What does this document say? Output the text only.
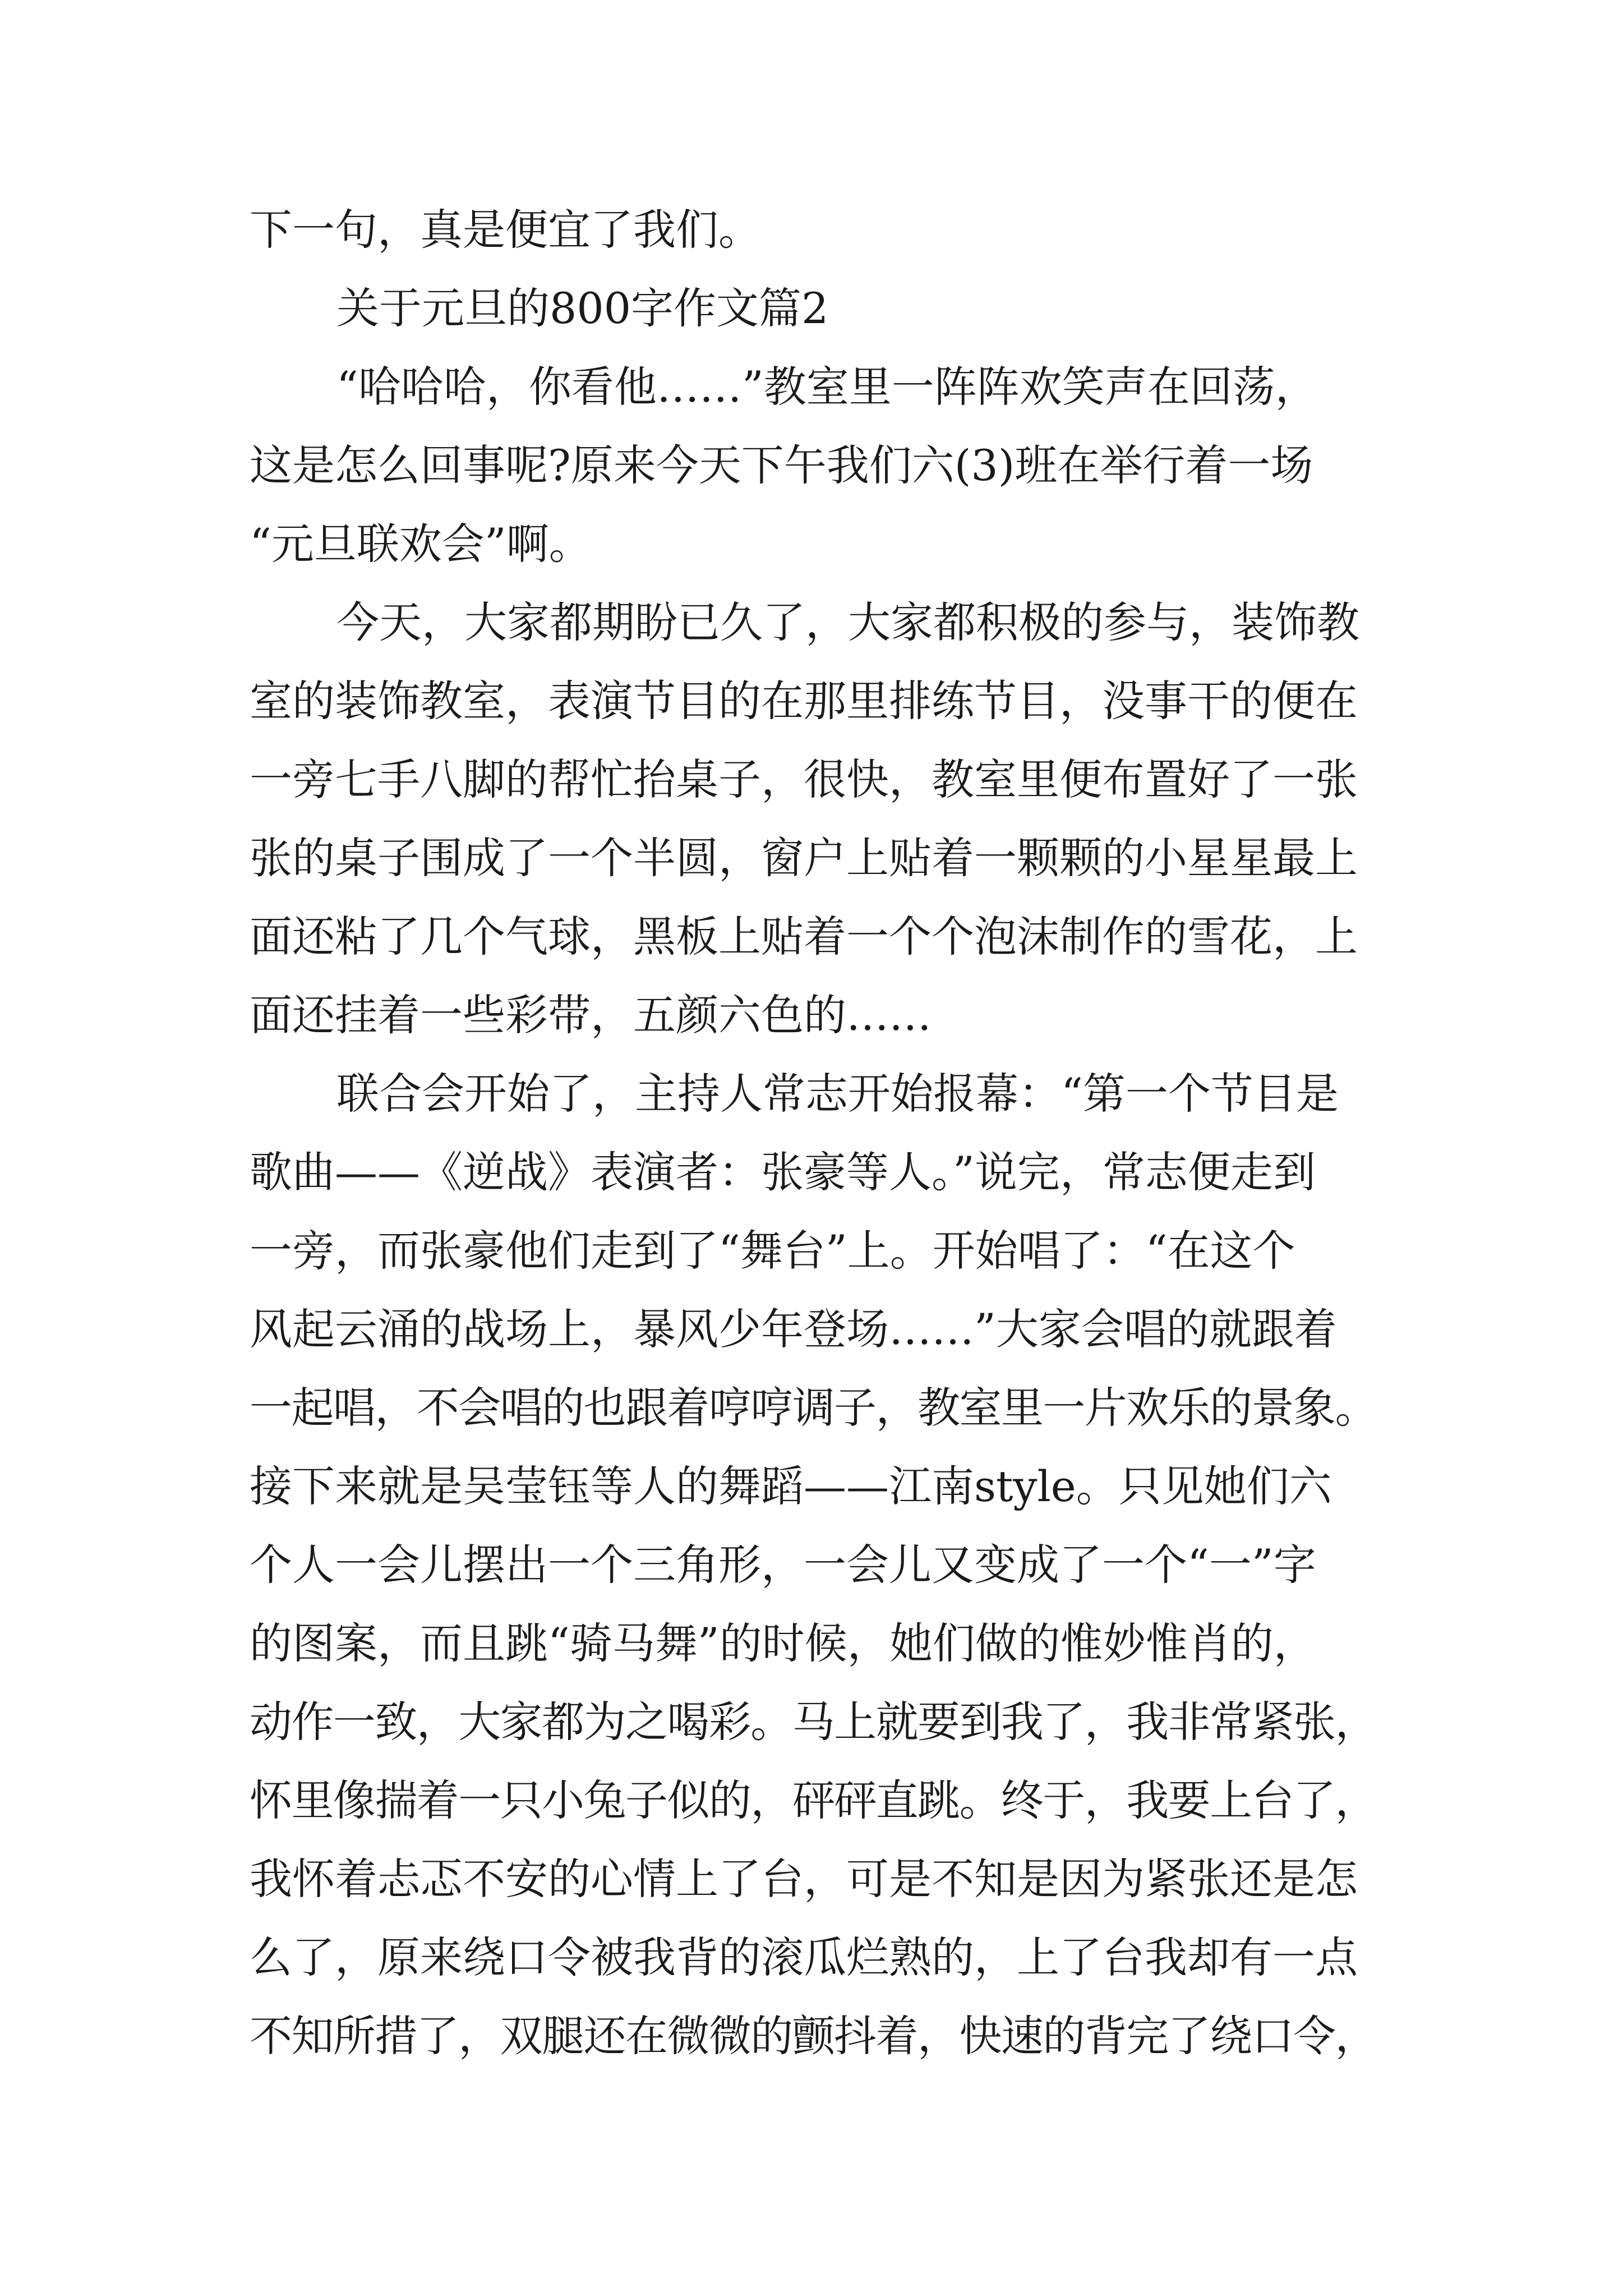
下一句，真是便宜了我们。
关于元旦的800字作文篇2
“哈哈哈，你看他……”教室里一阵阵欢笑声在回荡，
这是怎么回事呢?原来今天下午我们六(3)班在举行着一场
“元旦联欢会”啊。
今天，大家都期盼已久了，大家都积极的参与，装饰教
室的装饰教室，表演节目的在那里排练节目，没事干的便在
一旁七手八脚的帮忙抬桌子，很快，教室里便布置好了一张
张的桌子围成了一个半圆，窗户上贴着一颗颗的小星星最上
面还粘了几个气球，黑板上贴着一个个泡沫制作的雪花，上
面还挂着一些彩带，五颜六色的……
联合会开始了，主持人常志开始报幕：“第一个节目是
歌曲——《逆战》表演者：张豪等人。”说完，常志便走到
一旁，而张豪他们走到了“舞台”上。开始唱了：“在这个
风起云涌的战场上，暴风少年登场……”大家会唱的就跟着
一起唱，不会唱的也跟着哼哼调子，教室里一片欢乐的景象。
接下来就是吴莹钰等人的舞蹈——江南style。只见她们六
个人一会儿摆出一个三角形，一会儿又变成了一个“一”字
的图案，而且跳“骑马舞”的时候，她们做的惟妙惟肖的，
动作一致，大家都为之喝彩。马上就要到我了，我非常紧张，
怀里像揣着一只小兔子似的，砰砰直跳。终于，我要上台了，
我怀着忐忑不安的心情上了台，可是不知是因为紧张还是怎
么了，原来绕口令被我背的滚瓜烂熟的，上了台我却有一点
不知所措了，双腿还在微微的颤抖着，快速的背完了绕口令，
